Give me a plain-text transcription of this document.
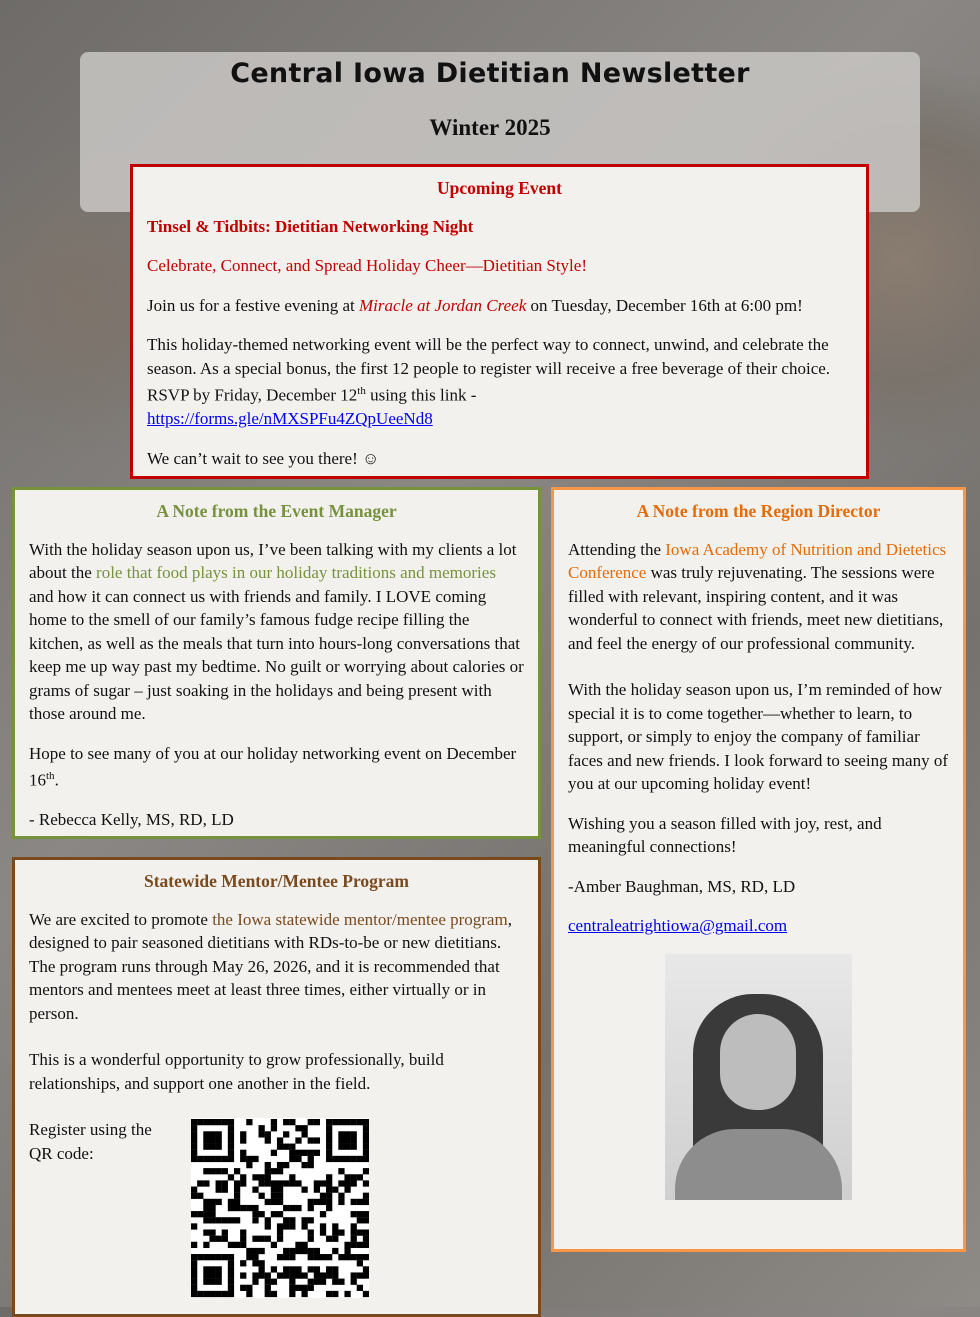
Central Iowa Dietitian Newsletter
Winter 2025
Upcoming Event

Tinsel & Tidbits: Dietitian Networking Night

Celebrate, Connect, and Spread Holiday Cheer—Dietitian Style!

Join us for a festive evening at Miracle at Jordan Creek on Tuesday, December 16th at 6:00 pm!

This holiday-themed networking event will be the perfect way to connect, unwind, and celebrate the season. As a special bonus, the first 12 people to register will receive a free beverage of their choice. RSVP by Friday, December 12th using this link -
https://forms.gle/nMXSPFu4ZQpUeeNd8

We can’t wait to see you there! ☺

A Note from the Event Manager

With the holiday season upon us, I’ve been talking with my clients a lot about the role that food plays in our holiday traditions and memories and how it can connect us with friends and family. I LOVE coming home to the smell of our family’s famous fudge recipe filling the kitchen, as well as the meals that turn into hours-long conversations that keep me up way past my bedtime. No guilt or worrying about calories or grams of sugar – just soaking in the holidays and being present with those around me.

Hope to see many of you at our holiday networking event on December 16th.

- Rebecca Kelly, MS, RD, LD

A Note from the Region Director

Attending the Iowa Academy of Nutrition and Dietetics Conference was truly rejuvenating. The sessions were filled with relevant, inspiring content, and it was wonderful to connect with friends, meet new dietitians, and feel the energy of our professional community.

With the holiday season upon us, I’m reminded of how special it is to come together—whether to learn, to support, or simply to enjoy the company of familiar faces and new friends. I look forward to seeing many of you at our upcoming holiday event!

Wishing you a season filled with joy, rest, and meaningful connections!

-Amber Baughman, MS, RD, LD

centraleatrightiowa@gmail.com

Statewide Mentor/Mentee Program

We are excited to promote the Iowa statewide mentor/mentee program, designed to pair seasoned dietitians with RDs-to-be or new dietitians. The program runs through May 26, 2026, and it is recommended that mentors and mentees meet at least three times, either virtually or in person.

This is a wonderful opportunity to grow professionally, build relationships, and support one another in the field.

Register using the QR code:
